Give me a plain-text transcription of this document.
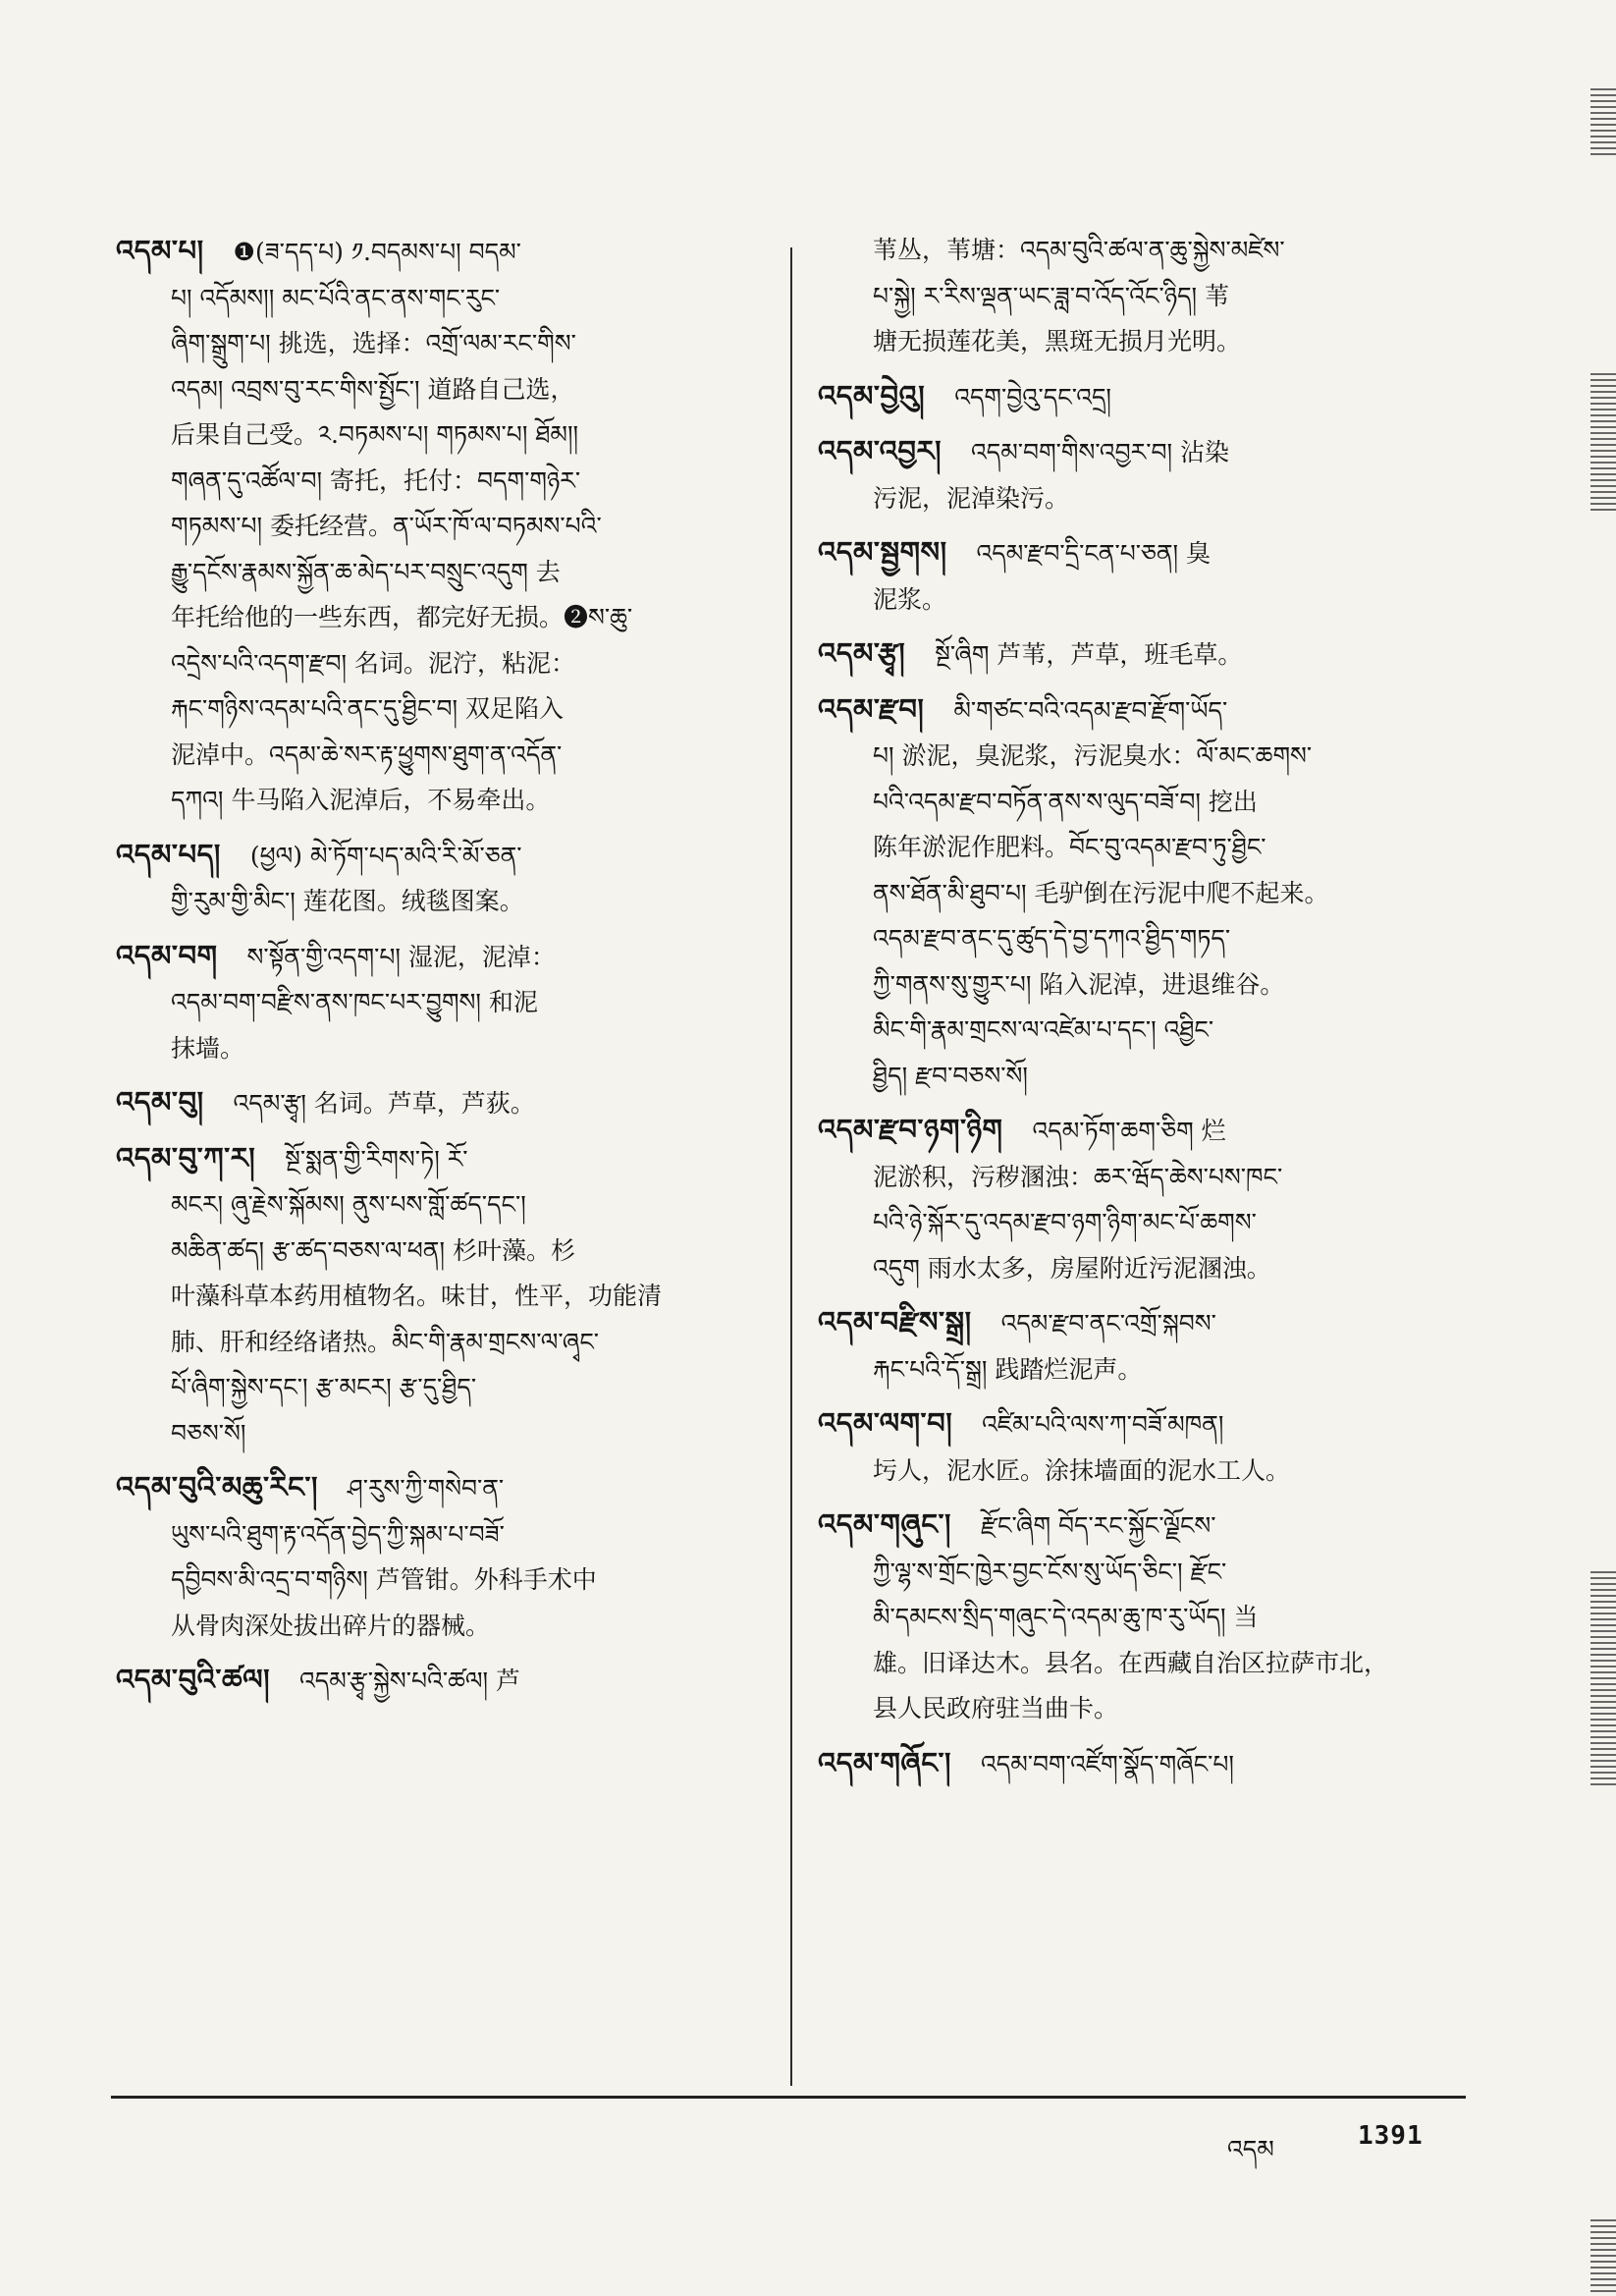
འདམ་པ། ❶(ཟ་དད་པ) ༡.བདམས་པ། བདམ་
པ། འདོམས།། མང་པོའི་ནང་ནས་གང་རུང་
ཞིག་སྒྲུག་པ། 挑选，选择：འགྲོ་ལམ་རང་གིས་
འདམ། འབྲས་བུ་རང་གིས་སྤྱོང་། 道路自己选，
后果自己受。༢.བཏམས་པ། གཏམས་པ། ཐོམ།།
གཞན་དུ་འཚོལ་བ། 寄托，托付：བདག་གཉེར་
གཏམས་པ། 委托经营。ན་ཡོར་ཁོ་ལ་བཏམས་པའི་
རྒྱུ་དངོས་རྣམས་སྐྱོན་ཆ་མེད་པར་བསྲུང་འདུག 去
年托给他的一些东西，都完好无损。❷ས་ཆུ་
འདྲེས་པའི་འདག་རྫབ། 名词。泥泞，粘泥：
རྐང་གཉིས་འདམ་པའི་ནང་དུ་ཐྱིང་བ། 双足陷入
泥淖中。འདམ་ཆེ་སར་རྟ་ཕྱུགས་ཐུག་ན་འདོན་
དཀའ། 牛马陷入泥淖后，不易牵出。
འདམ་པད། (ཕྱལ) མེ་ཏོག་པད་མའི་རི་མོ་ཅན་
གྱི་རུམ་གྱི་མིང་། 莲花图。绒毯图案。
འདམ་བག ས་སྟོན་གྱི་འདག་པ། 湿泥，泥淖：
འདམ་བག་བརྫིས་ནས་ཁང་པར་བྱུགས། 和泥
抹墙。
འདམ་བུ། འདམ་རྩྭ། 名词。芦草，芦荻。
འདམ་བུ་ཀ་ར། སྔོ་སྨན་གྱི་རིགས་ཏེ། རོ་
མངར། ཞུ་རྗེས་སྐོམས། ནུས་པས་གློ་ཚད་དང་།
མཆིན་ཚད། རྩ་ཚད་བཅས་ལ་ཕན། 杉叶藻。杉
叶藻科草本药用植物名。味甘，性平，功能清
肺、肝和经络诸热。མིང་གི་རྣམ་གྲངས་ལ་ཞྭང་
པོ་ཞིག་སྐྱེས་དང་། རྩ་མངར། རྩ་དུ་ཐྱིད་
བཅས་སོ།
འདམ་བུའི་མཆུ་རིང་། ཤ་རུས་ཀྱི་གསེབ་ན་
ཡུས་པའི་ཐུག་རྟ་འདོན་བྱེད་ཀྱི་སྐམ་པ་བཟོ་
དབྱིབས་མི་འདྲ་བ་གཉིས། 芦管钳。外科手术中
从骨肉深处拔出碎片的器械。
འདམ་བུའི་ཚལ། འདམ་རྩྭ་སྐྱེས་པའི་ཚལ། 芦
苇丛，苇塘：འདམ་བུའི་ཚལ་ན་ཆུ་སྐྱེས་མཛེས་
པ་སྐྱེ། ར་རིས་ལྡན་ཡང་ཟླ་བ་འོད་འོང་ཉིད། 苇
塘无损莲花美，黑斑无损月光明。
འདམ་བྱེའུ། འདག་བྱེའུ་དང་འདྲ།
འདམ་འབྱར། འདམ་བག་གིས་འབྱར་བ། 沾染
污泥，泥淖染污。
འདམ་སྦྱགས། འདམ་རྫབ་དྲི་ངན་པ་ཅན། 臭
泥浆。
འདམ་རྩྭ། སྔོ་ཞིག 芦苇，芦草，班毛草。
འདམ་རྫབ། མི་གཙང་བའི་འདམ་རྫབ་རྫོག་ཡོད་
པ། 淤泥，臭泥浆，污泥臭水：ལོ་མང་ཆགས་
པའི་འདམ་རྫབ་བཏོན་ནས་ས་ལུད་བཟོ་བ། 挖出
陈年淤泥作肥料。བོང་བུ་འདམ་རྫབ་ཏུ་ཐྱིང་
ནས་ཐོན་མི་ཐུབ་པ། 毛驴倒在污泥中爬不起来。
འདམ་རྫབ་ནང་དུ་ཚུད་དེ་བྱ་དཀའ་ཐྱིད་གཏད་
ཀྱི་གནས་སུ་གྱུར་པ། 陷入泥淖，进退维谷。
མིང་གི་རྣམ་གྲངས་ལ་འཛེམ་པ་དང་། འཐྱིང་
ཐྱིད། རྫབ་བཅས་སོ།
འདམ་རྫབ་ཉག་ཉིག འདམ་ཏོག་ཆག་ཅིག 烂
泥淤积，污秽溷浊：ཆར་ཝོད་ཆེས་པས་ཁང་
པའི་ཉེ་སྐོར་དུ་འདམ་རྫབ་ཉག་ཉིག་མང་པོ་ཆགས་
འདུག 雨水太多，房屋附近污泥溷浊。
འདམ་བརྫིས་སྒྲ། འདམ་རྫབ་ནང་འགྲོ་སྐབས་
རྐང་པའི་དོ་སྒྲ། 践踏烂泥声。
འདམ་ལག་བ། འཛིམ་པའི་ལས་ཀ་བཟོ་མཁན།
圬人，泥水匠。涂抹墙面的泥水工人。
འདམ་གཞུང་། རྫོང་ཞིག བོད་རང་སྐྱོང་ལྗོངས་
ཀྱི་ལྷ་ས་གྲོང་ཁྱེར་བྱང་ངོས་སུ་ཡོད་ཅིང་། རྫོང་
མི་དམངས་སྲིད་གཞུང་དེ་འདམ་ཆུ་ཁ་རུ་ཡོད། 当
雄。旧译达木。县名。在西藏自治区拉萨市北，
县人民政府驻当曲卡。
འདམ་གཞོང་། འདམ་བག་འཛོག་སྣོད་གཞོང་པ།
འདམ	1391
